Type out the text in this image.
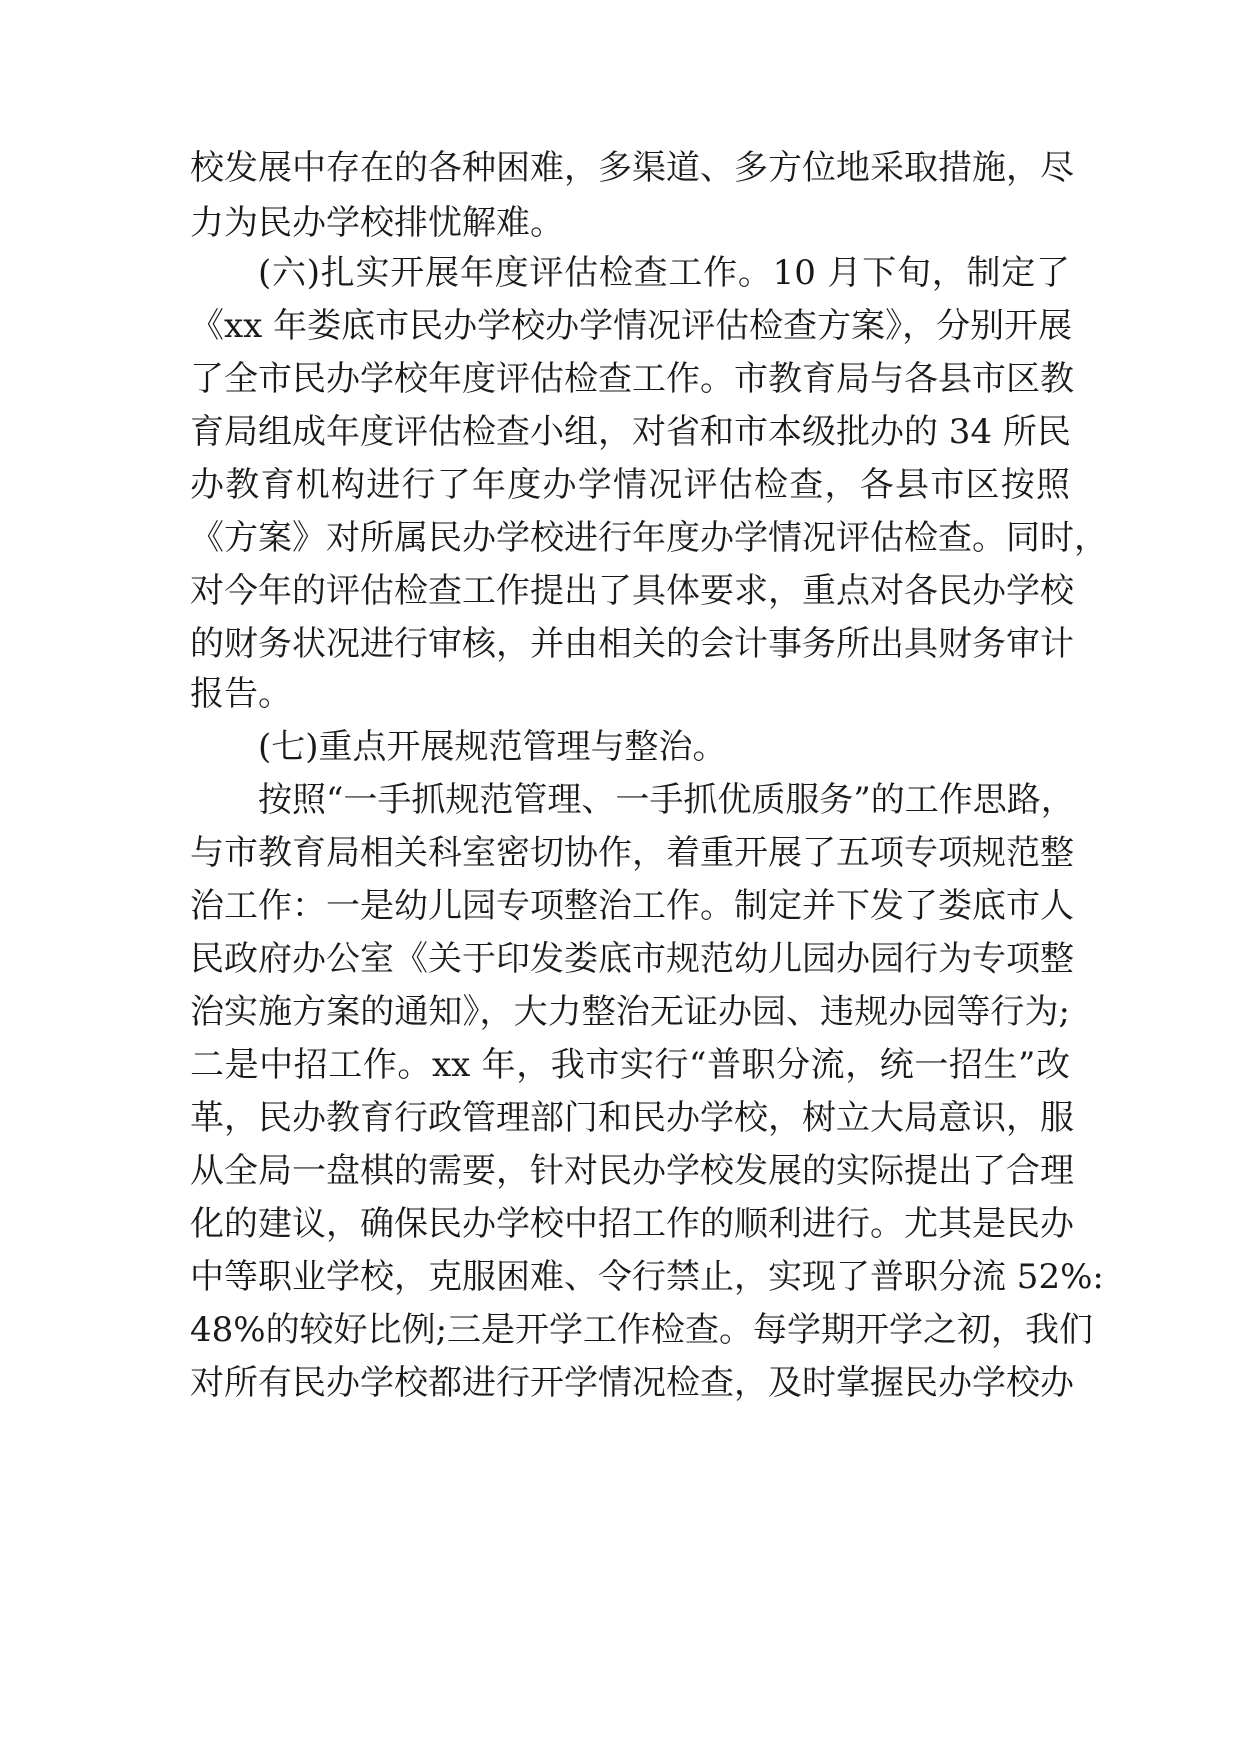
校发展中存在的各种困难，多渠道、多方位地采取措施，尽
力为民办学校排忧解难。
(六)扎实开展年度评估检查工作。10 月下旬，制定了
《xx 年娄底市民办学校办学情况评估检查方案》，分别开展
了全市民办学校年度评估检查工作。市教育局与各县市区教
育局组成年度评估检查小组，对省和市本级批办的 34 所民
办教育机构进行了年度办学情况评估检查，各县市区按照
《方案》对所属民办学校进行年度办学情况评估检查。同时，
对今年的评估检查工作提出了具体要求，重点对各民办学校
的财务状况进行审核，并由相关的会计事务所出具财务审计
报告。
(七)重点开展规范管理与整治。
按照“一手抓规范管理、一手抓优质服务”的工作思路，
与市教育局相关科室密切协作，着重开展了五项专项规范整
治工作：一是幼儿园专项整治工作。制定并下发了娄底市人
民政府办公室《关于印发娄底市规范幼儿园办园行为专项整
治实施方案的通知》，大力整治无证办园、违规办园等行为;
二是中招工作。xx 年，我市实行“普职分流，统一招生”改
革，民办教育行政管理部门和民办学校，树立大局意识，服
从全局一盘棋的需要，针对民办学校发展的实际提出了合理
化的建议，确保民办学校中招工作的顺利进行。尤其是民办
中等职业学校，克服困难、令行禁止，实现了普职分流 52%:
48%的较好比例;三是开学工作检查。每学期开学之初，我们
对所有民办学校都进行开学情况检查，及时掌握民办学校办
